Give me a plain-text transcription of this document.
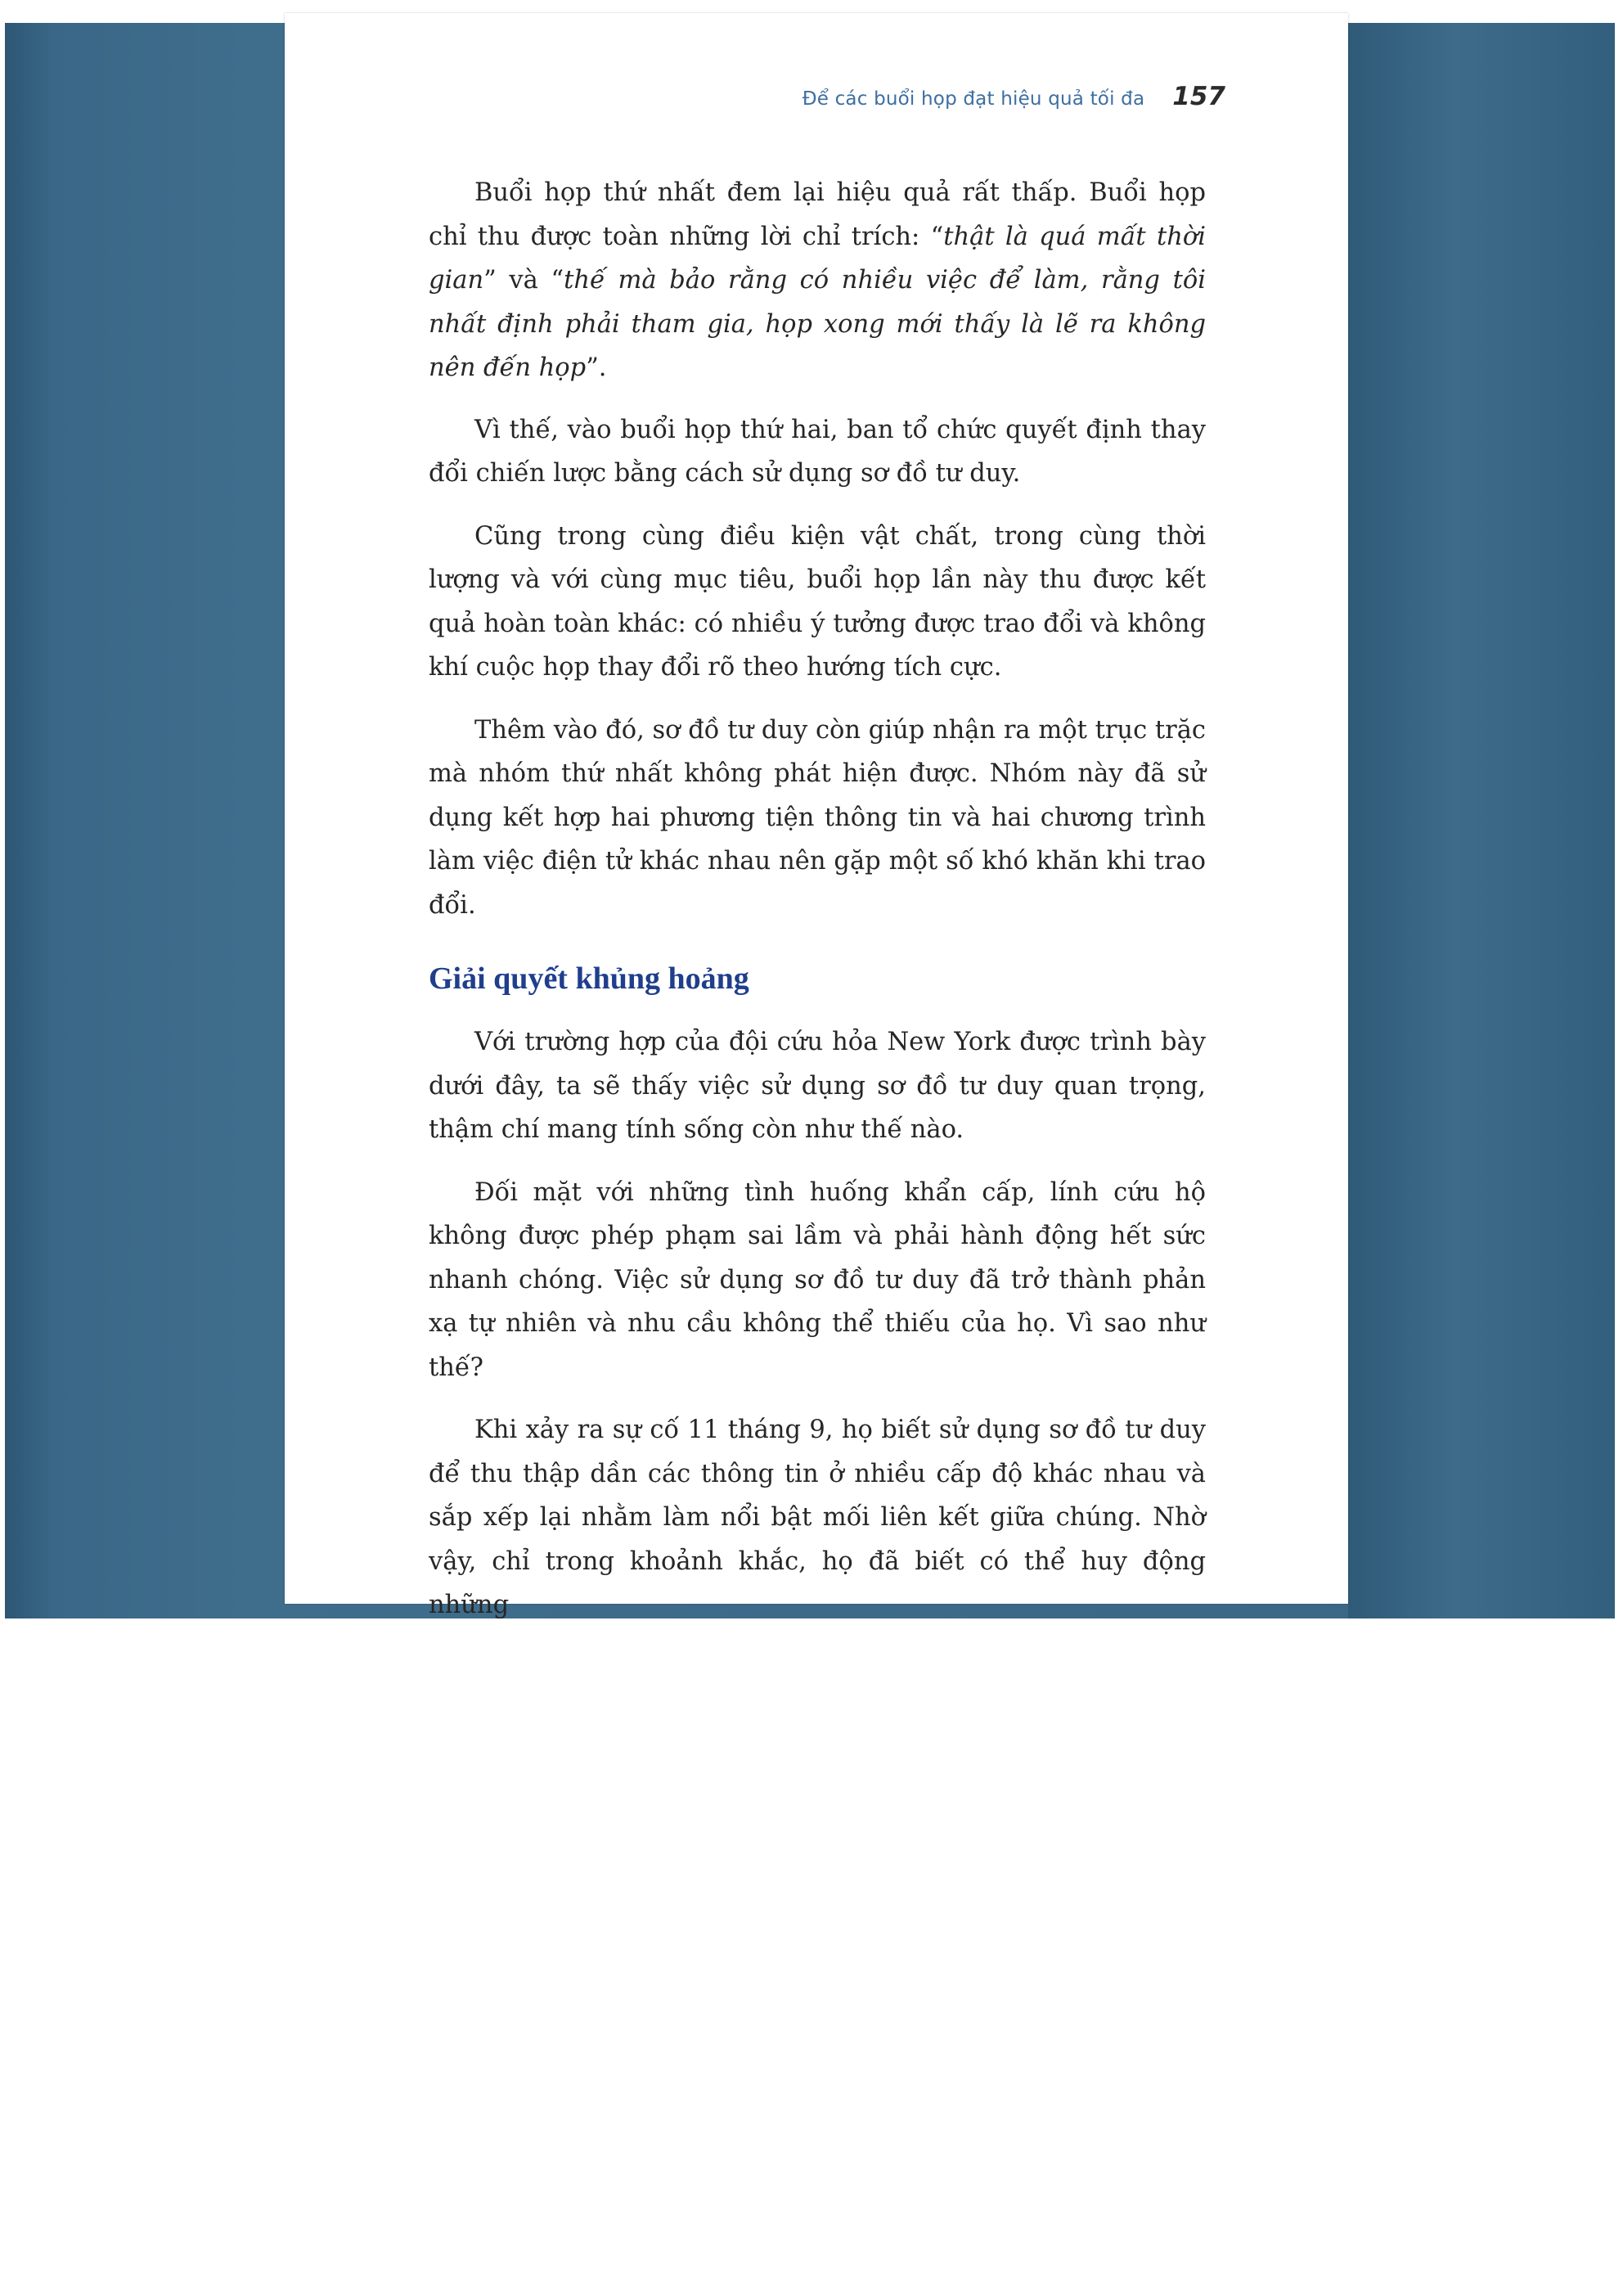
Để các buổi họp đạt hiệu quả tối đa 157

Buổi họp thứ nhất đem lại hiệu quả rất thấp. Buổi họp chỉ thu được toàn những lời chỉ trích: “thật là quá mất thời gian” và “thế mà bảo rằng có nhiều việc để làm, rằng tôi nhất định phải tham gia, họp xong mới thấy là lẽ ra không nên đến họp”.

Vì thế, vào buổi họp thứ hai, ban tổ chức quyết định thay đổi chiến lược bằng cách sử dụng sơ đồ tư duy.

Cũng trong cùng điều kiện vật chất, trong cùng thời lượng và với cùng mục tiêu, buổi họp lần này thu được kết quả hoàn toàn khác: có nhiều ý tưởng được trao đổi và không khí cuộc họp thay đổi rõ theo hướng tích cực.

Thêm vào đó, sơ đồ tư duy còn giúp nhận ra một trục trặc mà nhóm thứ nhất không phát hiện được. Nhóm này đã sử dụng kết hợp hai phương tiện thông tin và hai chương trình làm việc điện tử khác nhau nên gặp một số khó khăn khi trao đổi.

Giải quyết khủng hoảng

Với trường hợp của đội cứu hỏa New York được trình bày dưới đây, ta sẽ thấy việc sử dụng sơ đồ tư duy quan trọng, thậm chí mang tính sống còn như thế nào.

Đối mặt với những tình huống khẩn cấp, lính cứu hộ không được phép phạm sai lầm và phải hành động hết sức nhanh chóng. Việc sử dụng sơ đồ tư duy đã trở thành phản xạ tự nhiên và nhu cầu không thể thiếu của họ. Vì sao như thế?

Khi xảy ra sự cố 11 tháng 9, họ biết sử dụng sơ đồ tư duy để thu thập dần các thông tin ở nhiều cấp độ khác nhau và sắp xếp lại nhằm làm nổi bật mối liên kết giữa chúng. Nhờ vậy, chỉ trong khoảnh khắc, họ đã biết có thể huy động những
